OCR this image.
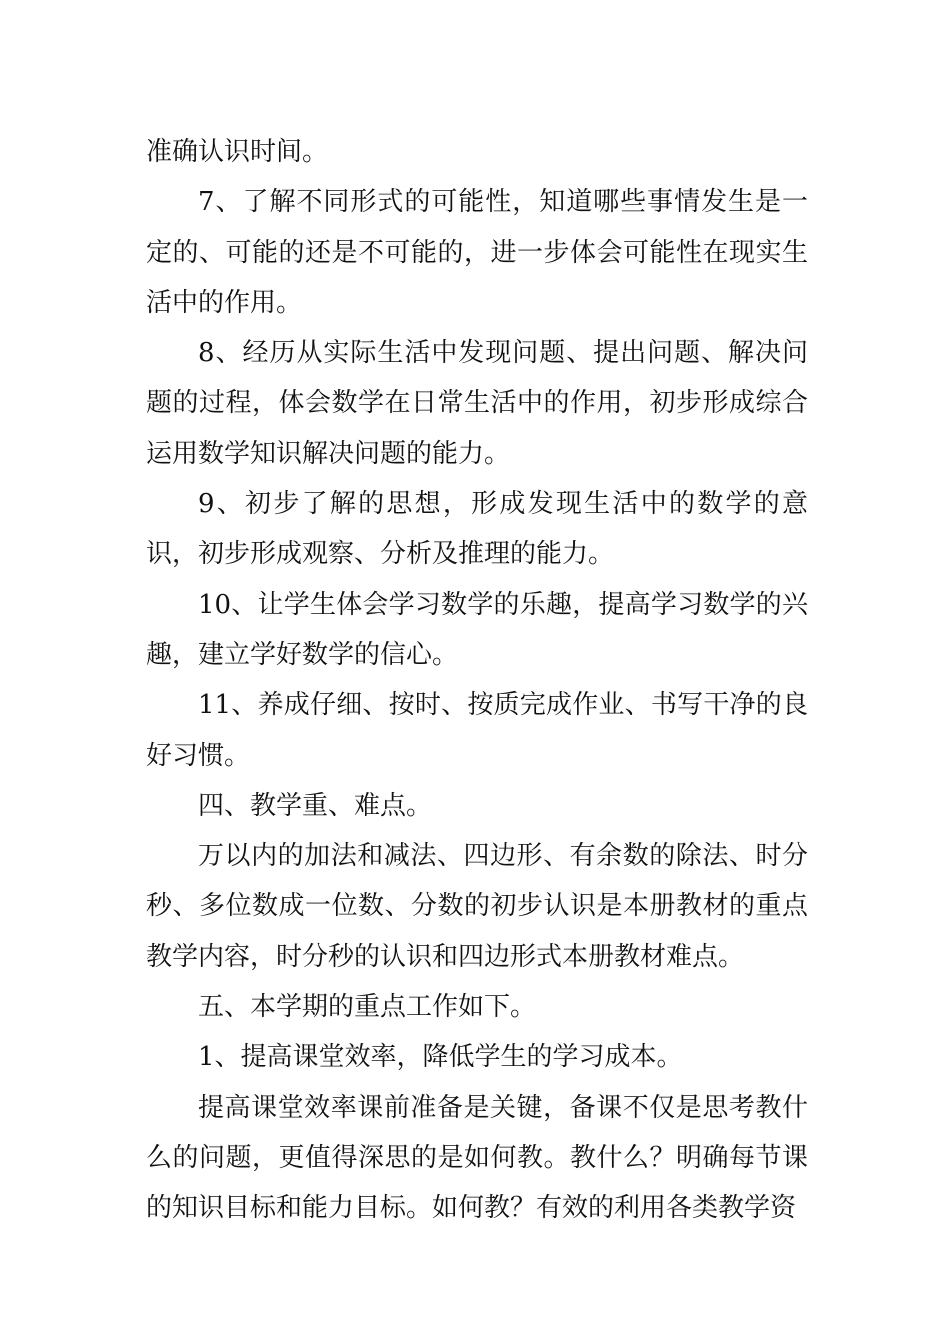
准确认识时间。

7、了解不同形式的可能性，知道哪些事情发生是一定的、可能的还是不可能的，进一步体会可能性在现实生活中的作用。

8、经历从实际生活中发现问题、提出问题、解决问题的过程，体会数学在日常生活中的作用，初步形成综合运用数学知识解决问题的能力。

9、初步了解的思想，形成发现生活中的数学的意识，初步形成观察、分析及推理的能力。

10、让学生体会学习数学的乐趣，提高学习数学的兴趣，建立学好数学的信心。

11、养成仔细、按时、按质完成作业、书写干净的良好习惯。

四、教学重、难点。

万以内的加法和减法、四边形、有余数的除法、时分秒、多位数成一位数、分数的初步认识是本册教材的重点教学内容，时分秒的认识和四边形式本册教材难点。

五、本学期的重点工作如下。

1、提高课堂效率，降低学生的学习成本。

提高课堂效率课前准备是关键，备课不仅是思考教什么的问题，更值得深思的是如何教。教什么？明确每节课的知识目标和能力目标。如何教？有效的利用各类教学资
